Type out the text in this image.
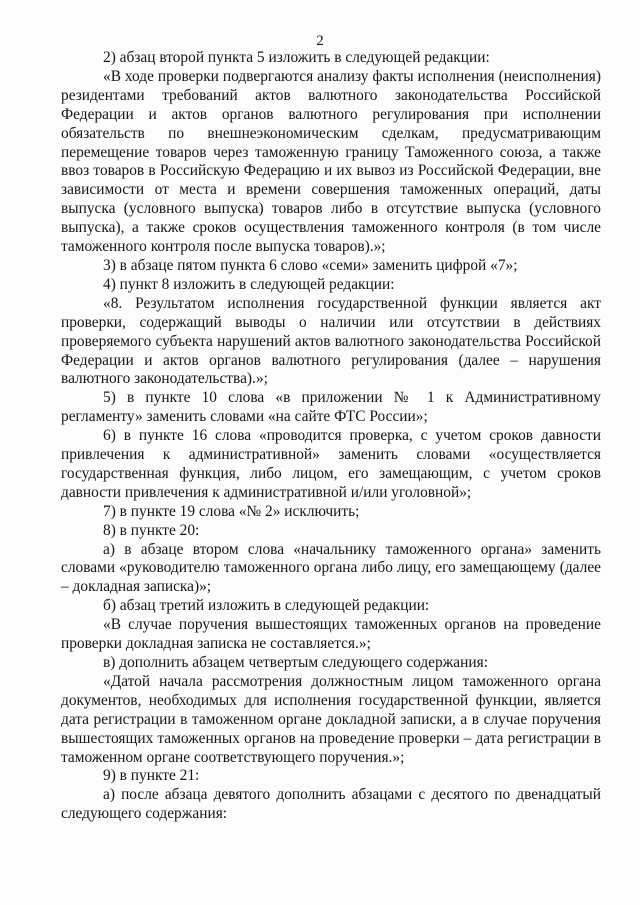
2

2) абзац второй пункта 5 изложить в следующей редакции:

«В ходе проверки подвергаются анализу факты исполнения (неисполнения) резидентами требований актов валютного законодательства Российской Федерации и актов органов валютного регулирования при исполнении обязательств по внешнеэкономическим сделкам, предусматривающим перемещение товаров через таможенную границу Таможенного союза, а также ввоз товаров в Российскую Федерацию и их вывоз из Российской Федерации, вне зависимости от места и времени совершения таможенных операций, даты выпуска (условного выпуска) товаров либо в отсутствие выпуска (условного выпуска), а также сроков осуществления таможенного контроля (в том числе таможенного контроля после выпуска товаров).»;

3) в абзаце пятом пункта 6 слово «семи» заменить цифрой «7»;

4) пункт 8 изложить в следующей редакции:

«8. Результатом исполнения государственной функции является акт проверки, содержащий выводы о наличии или отсутствии в действиях проверяемого субъекта нарушений актов валютного законодательства Российской Федерации и актов органов валютного регулирования (далее – нарушения валютного законодательства).»;

5) в пункте 10 слова «в приложении № 1 к Административному регламенту» заменить словами «на сайте ФТС России»;

6) в пункте 16 слова «проводится проверка, с учетом сроков давности привлечения к административной» заменить словами «осуществляется государственная функция, либо лицом, его замещающим, с учетом сроков давности привлечения к административной и/или уголовной»;

7) в пункте 19 слова «№ 2» исключить;

8) в пункте 20:

а) в абзаце втором слова «начальнику таможенного органа» заменить словами «руководителю таможенного органа либо лицу, его замещающему (далее – докладная записка)»;

б) абзац третий изложить в следующей редакции:

«В случае поручения вышестоящих таможенных органов на проведение проверки докладная записка не составляется.»;

в) дополнить абзацем четвертым следующего содержания:

«Датой начала рассмотрения должностным лицом таможенного органа документов, необходимых для исполнения государственной функции, является дата регистрации в таможенном органе докладной записки, а в случае поручения вышестоящих таможенных органов на проведение проверки – дата регистрации в таможенном органе соответствующего поручения.»;

9) в пункте 21:

а) после абзаца девятого дополнить абзацами с десятого по двенадцатый следующего содержания:
